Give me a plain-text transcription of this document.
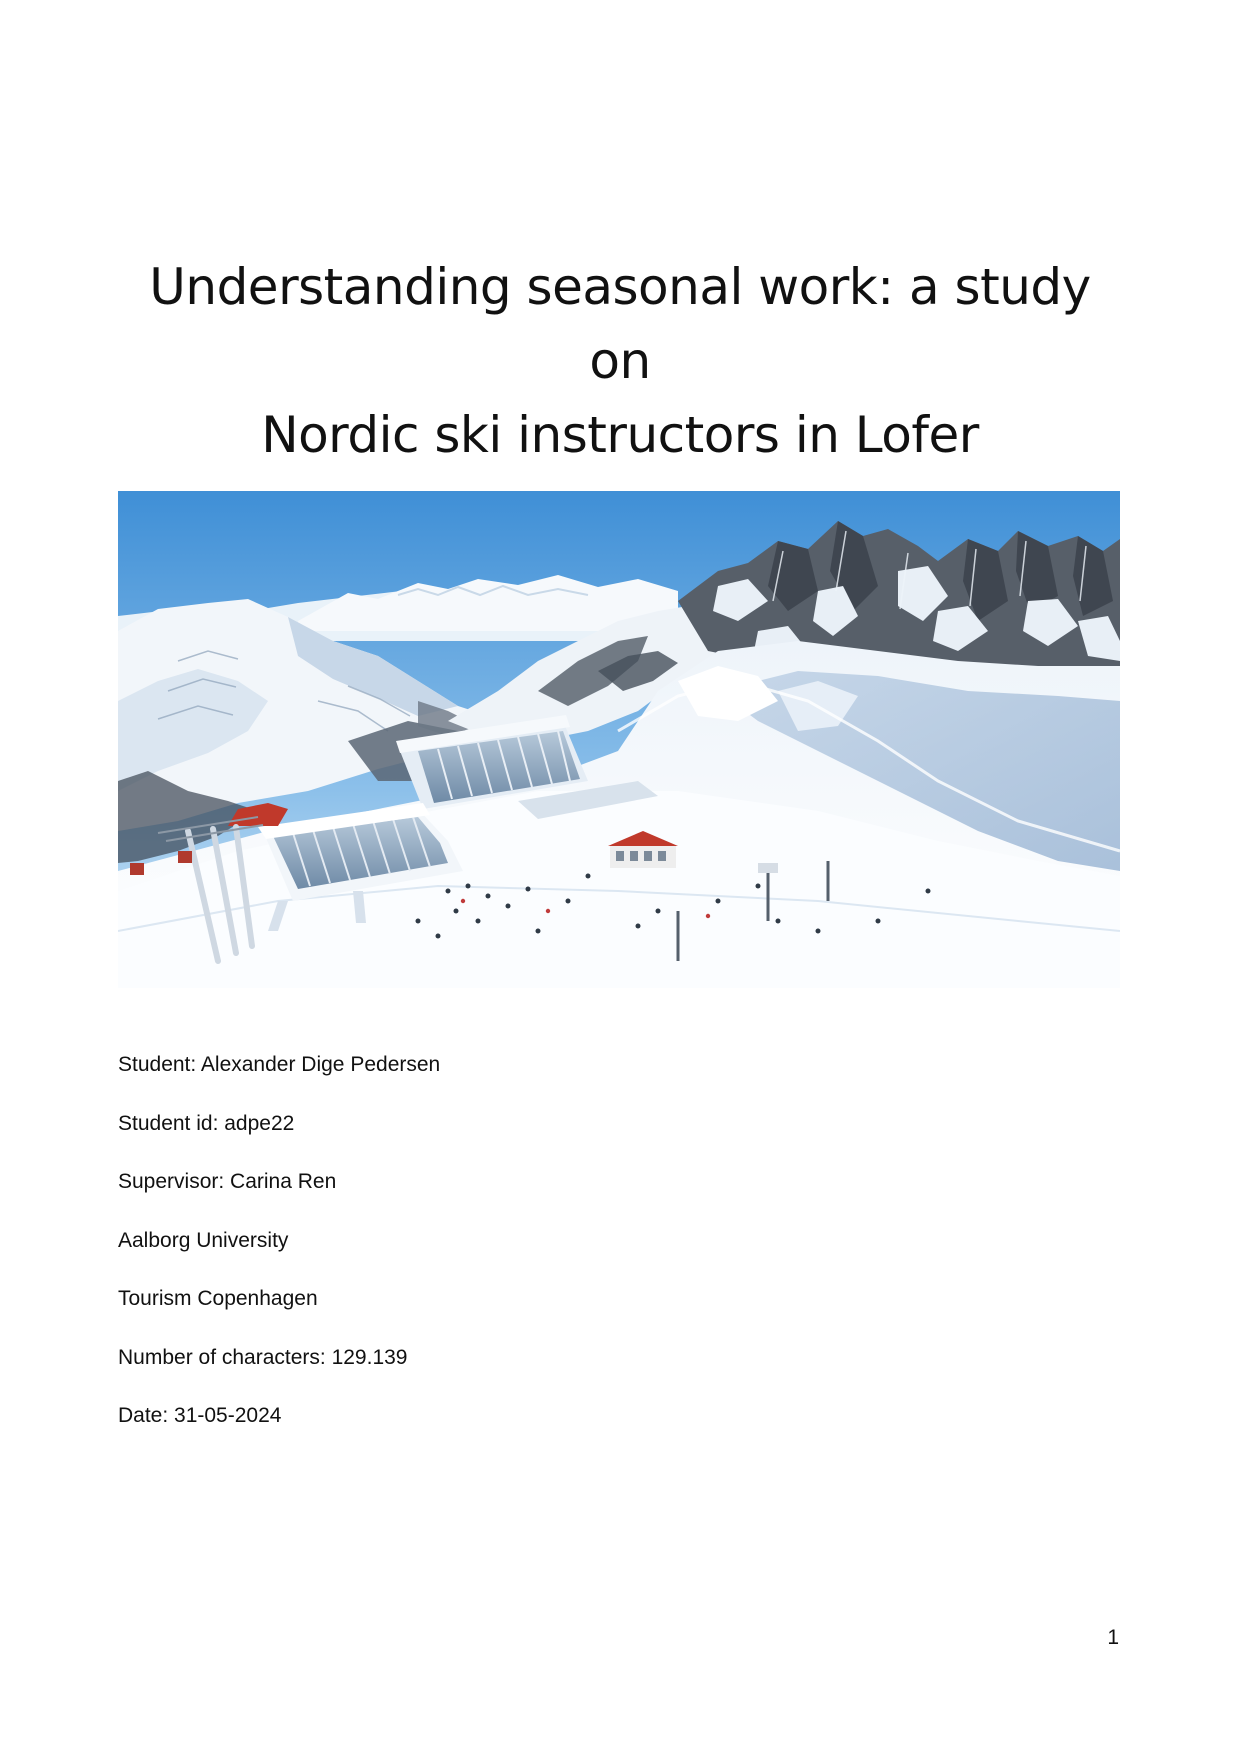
Understanding seasonal work: a study on
Nordic ski instructors in Lofer
Student: Alexander Dige Pedersen
Student id: adpe22
Supervisor: Carina Ren
Aalborg University
Tourism Copenhagen
Number of characters: 129.139
Date: 31-05-2024
1
